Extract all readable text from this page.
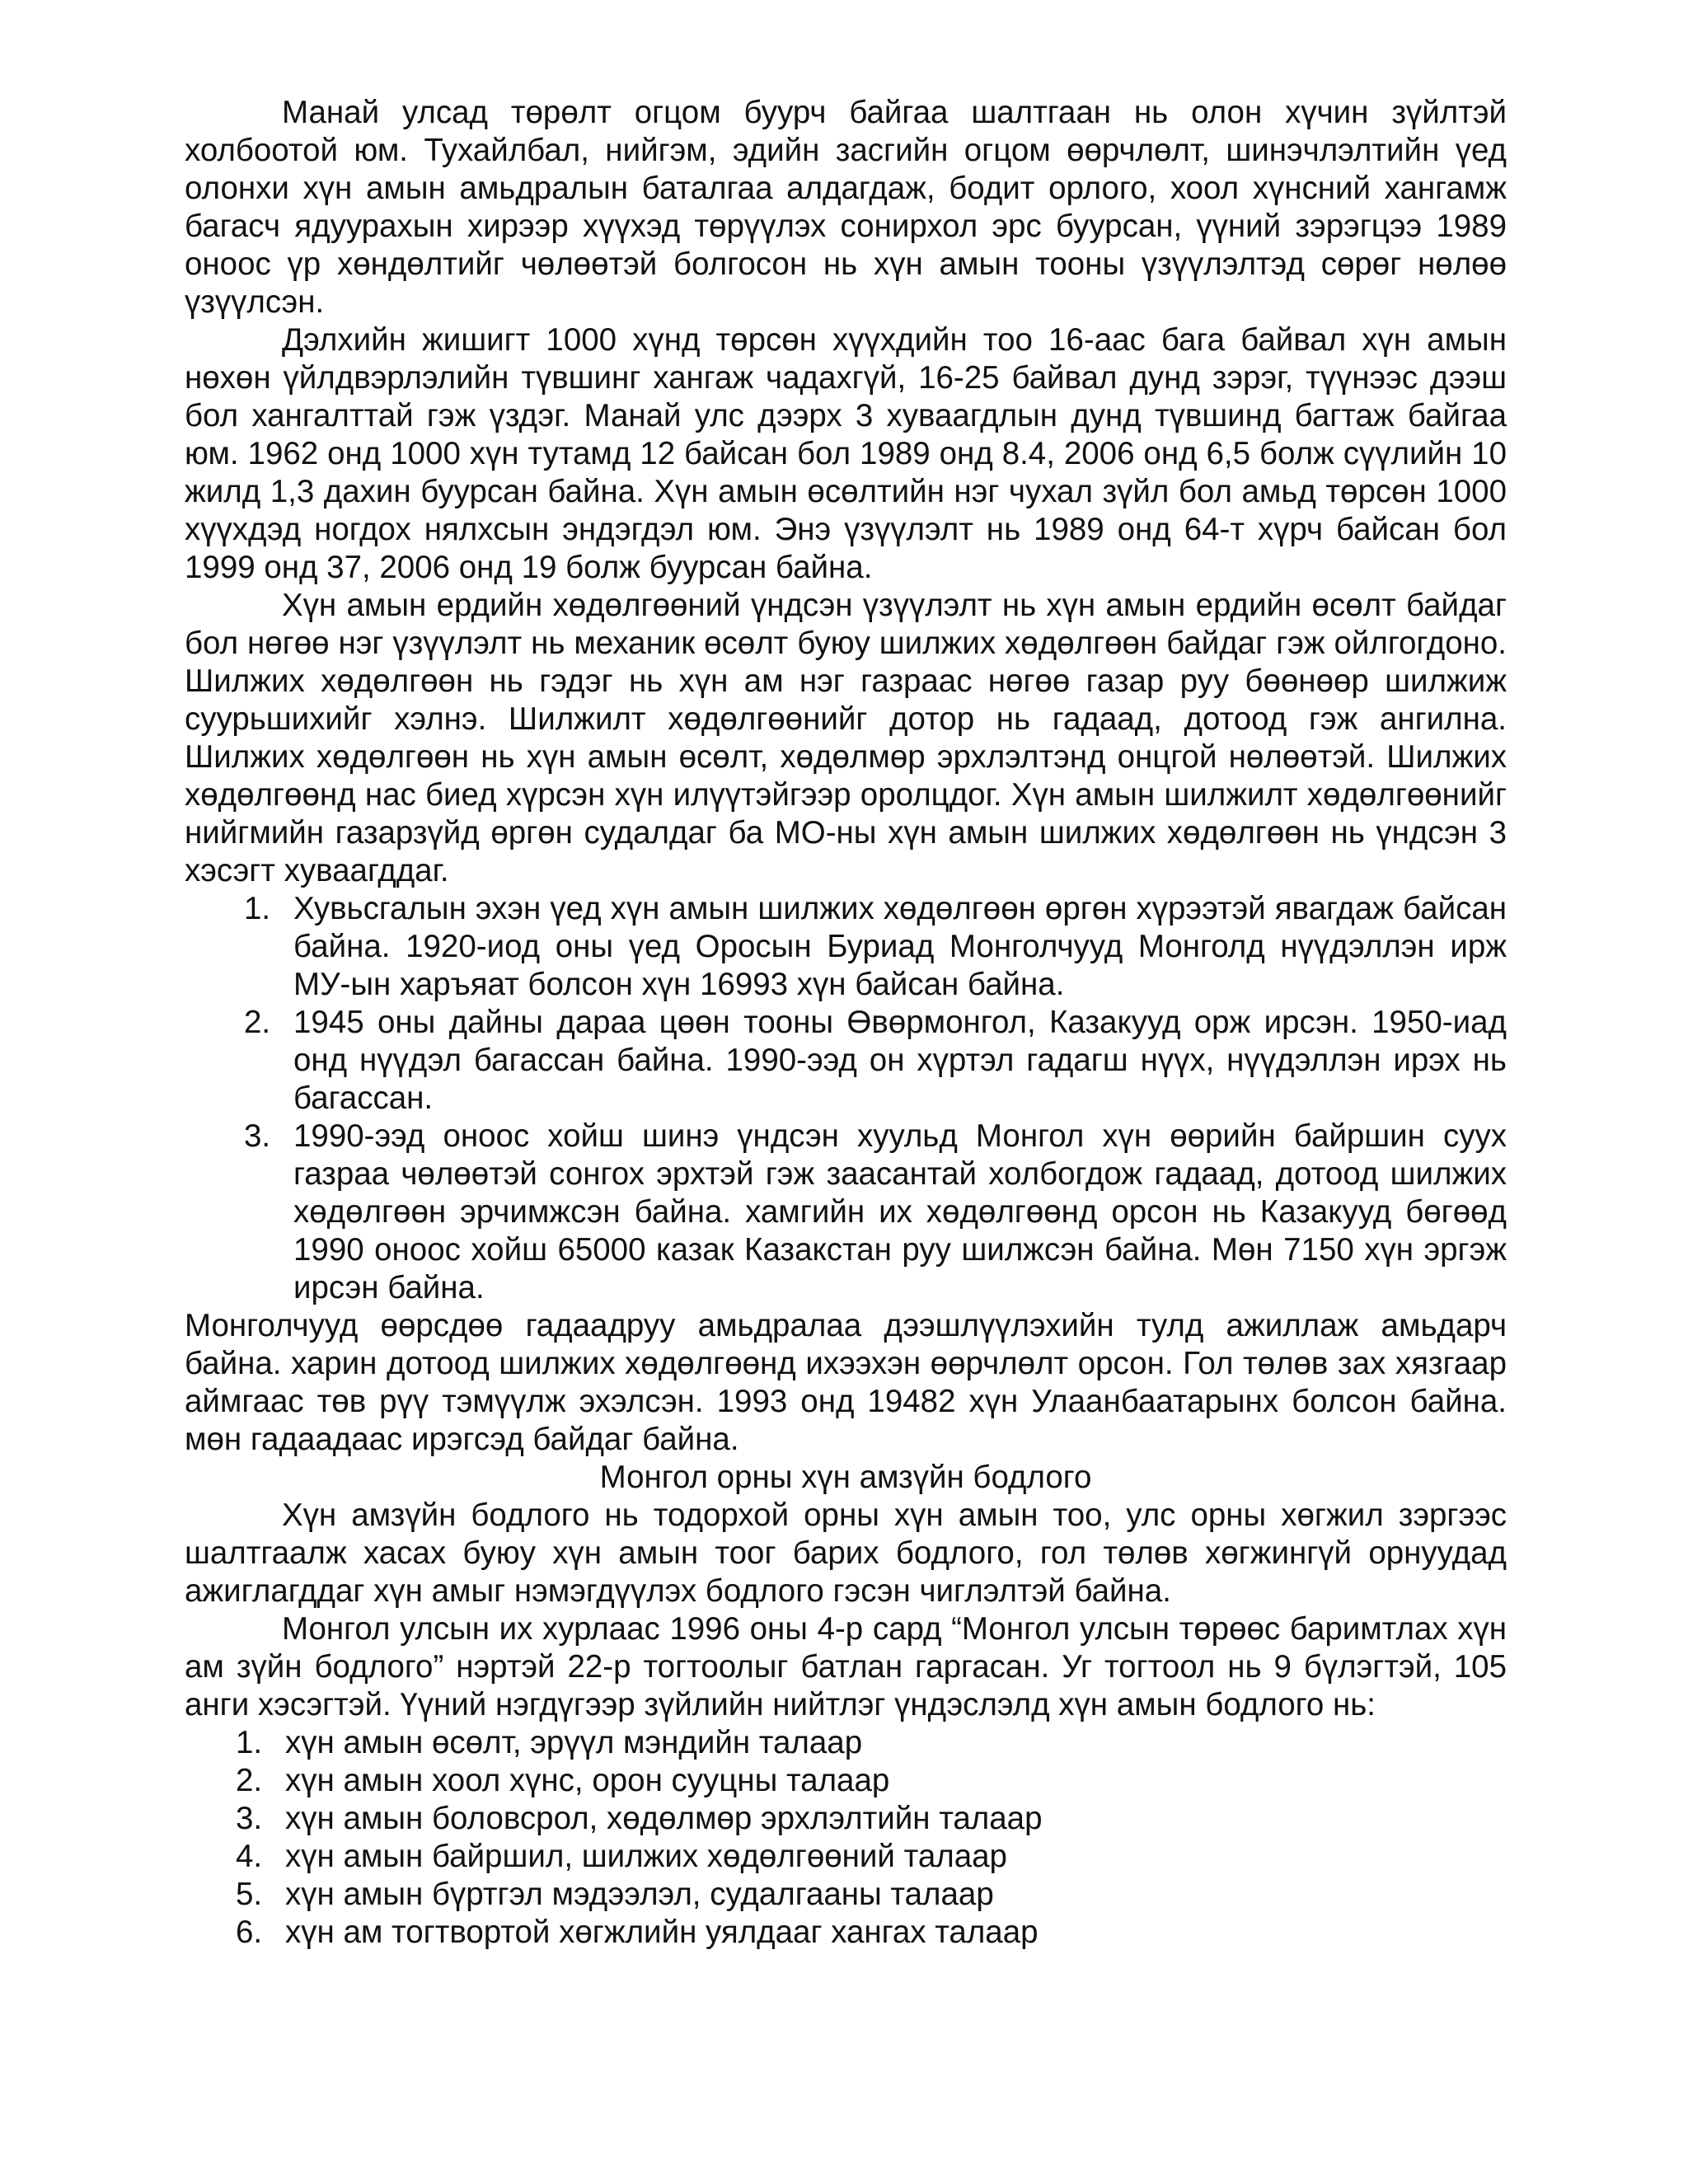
Манай улсад төрөлт огцом буурч байгаа шалтгаан нь олон хүчин зүйлтэй холбоотой юм. Тухайлбал, нийгэм, эдийн засгийн огцом өөрчлөлт, шинэчлэлтийн үед олонхи хүн амын амьдралын баталгаа алдагдаж, бодит орлого, хоол хүнсний хангамж багасч ядуурахын хирээр хүүхэд төрүүлэх сонирхол эрс буурсан, үүний зэрэгцээ 1989 оноос үр хөндөлтийг чөлөөтэй болгосон нь хүн амын тооны үзүүлэлтэд сөрөг нөлөө үзүүлсэн.

Дэлхийн жишигт 1000 хүнд төрсөн хүүхдийн тоо 16-аас бага байвал хүн амын нөхөн үйлдвэрлэлийн түвшинг хангаж чадахгүй, 16-25 байвал дунд зэрэг, түүнээс дээш бол хангалттай гэж үздэг. Манай улс дээрх 3 хуваагдлын дунд түвшинд багтаж байгаа юм. 1962 онд 1000 хүн тутамд 12 байсан бол 1989 онд 8.4, 2006 онд 6,5 болж сүүлийн 10 жилд 1,3 дахин буурсан байна. Хүн амын өсөлтийн нэг чухал зүйл бол амьд төрсөн 1000 хүүхдэд ногдох нялхсын эндэгдэл юм. Энэ үзүүлэлт нь 1989 онд 64-т хүрч байсан бол 1999 онд 37, 2006 онд 19 болж буурсан байна.

Хүн амын ердийн хөдөлгөөний үндсэн үзүүлэлт нь хүн амын ердийн өсөлт байдаг бол нөгөө нэг үзүүлэлт нь механик өсөлт буюу шилжих хөдөлгөөн байдаг гэж ойлгогдоно. Шилжих хөдөлгөөн нь гэдэг нь хүн ам нэг газраас нөгөө газар руу бөөнөөр шилжиж суурьшихийг хэлнэ. Шилжилт хөдөлгөөнийг дотор нь гадаад, дотоод гэж ангилна. Шилжих хөдөлгөөн нь хүн амын өсөлт, хөдөлмөр эрхлэлтэнд онцгой нөлөөтэй. Шилжих хөдөлгөөнд нас биед хүрсэн хүн илүүтэйгээр оролцдог. Хүн амын шилжилт хөдөлгөөнийг нийгмийн газарзүйд өргөн судалдаг ба МО-ны хүн амын шилжих хөдөлгөөн нь үндсэн 3 хэсэгт хуваагддаг.

1. Хувьсгалын эхэн үед хүн амын шилжих хөдөлгөөн өргөн хүрээтэй явагдаж байсан байна. 1920-иод оны үед Оросын Буриад Монголчууд Монголд нүүдэллэн ирж МУ-ын харъяат болсон хүн 16993 хүн байсан байна.
2. 1945 оны дайны дараа цөөн тооны Өвөрмонгол, Казакууд орж ирсэн. 1950-иад онд нүүдэл багассан байна. 1990-ээд он хүртэл гадагш нүүх, нүүдэллэн ирэх нь багассан.
3. 1990-ээд оноос хойш шинэ үндсэн хуульд Монгол хүн өөрийн байршин суух газраа чөлөөтэй сонгох эрхтэй гэж заасантай холбогдож гадаад, дотоод шилжих хөдөлгөөн эрчимжсэн байна. хамгийн их хөдөлгөөнд орсон нь Казакууд бөгөөд 1990 оноос хойш 65000 казак Казакстан руу шилжсэн байна. Мөн 7150 хүн эргэж ирсэн байна.

Монголчууд өөрсдөө гадаадруу амьдралаа дээшлүүлэхийн тулд ажиллаж амьдарч байна. харин дотоод шилжих хөдөлгөөнд ихээхэн өөрчлөлт орсон. Гол төлөв зах хязгаар аймгаас төв рүү тэмүүлж эхэлсэн. 1993 онд 19482 хүн Улаанбаатарынх болсон байна. мөн гадаадаас ирэгсэд байдаг байна.

Монгол орны хүн амзүйн бодлого

Хүн амзүйн бодлого нь тодорхой орны хүн амын тоо, улс орны хөгжил зэргээс шалтгаалж хасах буюу хүн амын тоог барих бодлого, гол төлөв хөгжингүй орнуудад ажиглагддаг хүн амыг нэмэгдүүлэх бодлого гэсэн чиглэлтэй байна.

Монгол улсын их хурлаас 1996 оны 4-р сард “Монгол улсын төрөөс баримтлах хүн ам зүйн бодлого” нэртэй 22-р тогтоолыг батлан гаргасан. Уг тогтоол нь 9 бүлэгтэй, 105 анги хэсэгтэй. Үүний нэгдүгээр зүйлийн нийтлэг үндэслэлд хүн амын бодлого нь:

1. хүн амын өсөлт, эрүүл мэндийн талаар
2. хүн амын хоол хүнс, орон сууцны талаар
3. хүн амын боловсрол, хөдөлмөр эрхлэлтийн талаар
4. хүн амын байршил, шилжих хөдөлгөөний талаар
5. хүн амын бүртгэл мэдээлэл, судалгааны талаар
6. хүн ам тогтвортой хөгжлийн уялдааг хангах талаар
